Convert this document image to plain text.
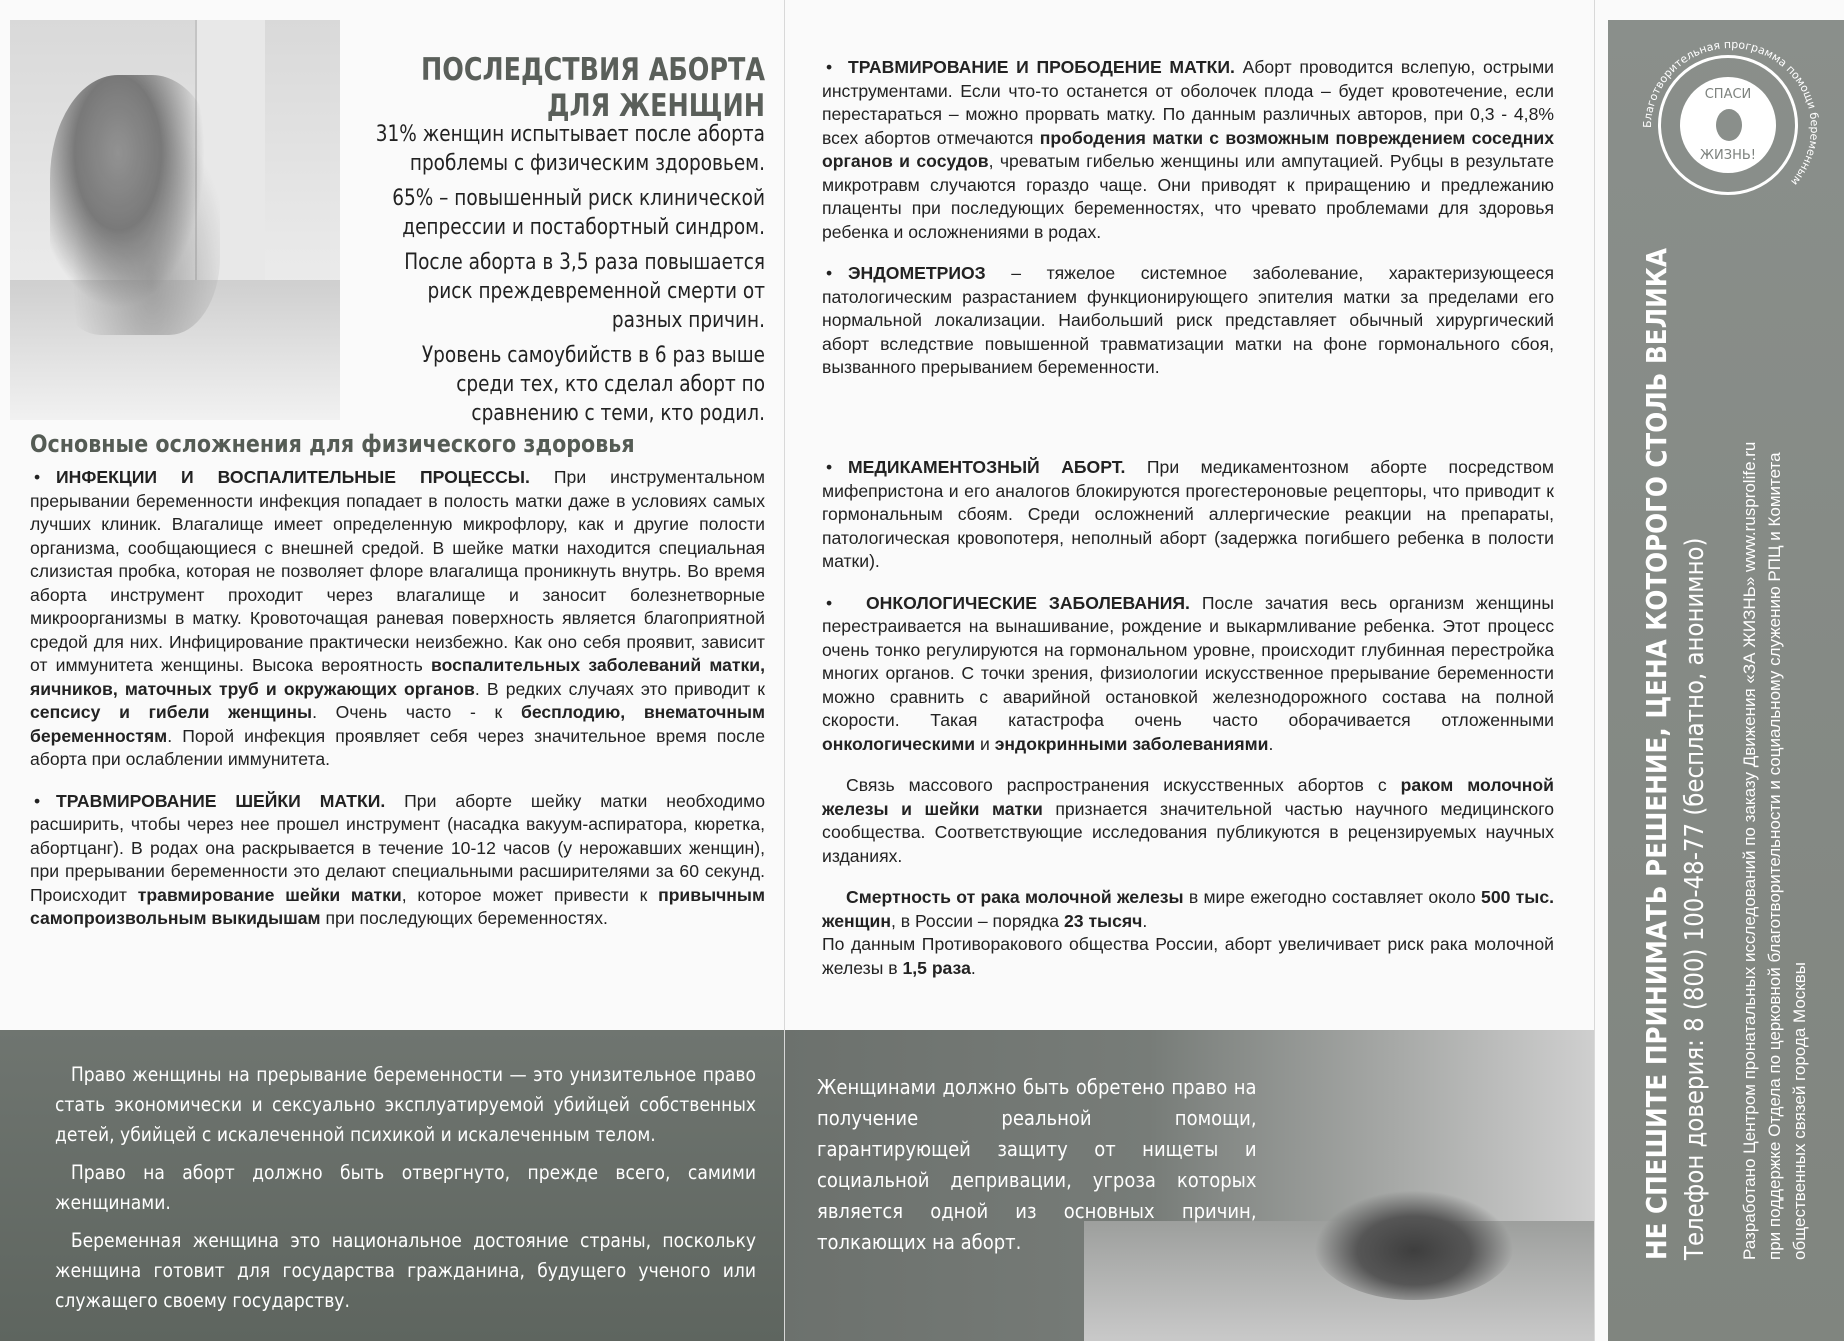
ПОСЛЕДСТВИЯ АБОРТА ДЛЯ ЖЕНЩИН

31% женщин испытывает после аборта проблемы с физическим здоровьем.

65% – повышенный риск клинической депрессии и постабортный синдром.

После аборта в 3,5 раза повышается риск преждевременной смерти от разных причин.

Уровень самоубийств в 6 раз выше среди тех, кто сделал аборт по сравнению с теми, кто родил.

Основные осложнения для физического здоровья
• ИНФЕКЦИИ И ВОСПАЛИТЕЛЬНЫЕ ПРОЦЕССЫ. При инструментальном прерывании беременности инфекция попадает в полость матки даже в условиях самых лучших клиник. Влагалище имеет определенную микрофлору, как и другие полости организма, сообщающиеся с внешней средой. В шейке матки находится специальная слизистая пробка, которая не позволяет флоре влагалища проникнуть внутрь. Во время аборта инструмент проходит через влагалище и заносит болезнетворные микроорганизмы в матку. Кровоточащая раневая поверхность является благоприятной средой для них. Инфицирование практически неизбежно. Как оно себя проявит, зависит от иммунитета женщины. Высока вероятность воспалительных заболеваний матки, яичников, маточных труб и окружающих органов. В редких случаях это приводит к сепсису и гибели женщины. Очень часто - к бесплодию, внематочным беременностям. Порой инфекция проявляет себя через значительное время после аборта при ослаблении иммунитета.
• ТРАВМИРОВАНИЕ ШЕЙКИ МАТКИ. При аборте шейку матки необходимо расширить, чтобы через нее прошел инструмент (насадка вакуум-аспиратора, кюретка, абортцанг). В родах она раскрывается в течение 10-12 часов (у нерожавших женщин), при прерывании беременности это делают специальными расширителями за 60 секунд. Происходит травмирование шейки матки, которое может привести к привычным самопроизвольным выкидышам при последующих беременностях.
• ТРАВМИРОВАНИЕ И ПРОБОДЕНИЕ МАТКИ. Аборт проводится вслепую, острыми инструментами. Если что-то останется от оболочек плода – будет кровотечение, если перестараться – можно прорвать матку. По данным различных авторов, при 0,3 - 4,8% всех абортов отмечаются прободения матки с возможным повреждением соседних органов и сосудов, чреватым гибелью женщины или ампутацией. Рубцы в результате микротравм случаются гораздо чаще. Они приводят к приращению и предлежанию плаценты при последующих беременностях, что чревато проблемами для здоровья ребенка и осложнениями в родах.
• ЭНДОМЕТРИОЗ – тяжелое системное заболевание, характеризующееся патологическим разрастанием функционирующего эпителия матки за пределами его нормальной локализации. Наибольший риск представляет обычный хирургический аборт вследствие повышенной травматизации матки на фоне гормонального сбоя, вызванного прерыванием беременности.
• МЕДИКАМЕНТОЗНЫЙ АБОРТ. При медикаментозном аборте посредством мифепристона и его аналогов блокируются прогестероновые рецепторы, что приводит к гормональным сбоям. Среди осложнений аллергические реакции на препараты, патологическая кровопотеря, неполный аборт (задержка погибшего ребенка в полости матки).
• ОНКОЛОГИЧЕСКИЕ ЗАБОЛЕВАНИЯ. После зачатия весь организм женщины перестраивается на вынашивание, рождение и выкармливание ребенка. Этот процесс очень тонко регулируются на гормональном уровне, происходит глубинная перестройка многих органов. С точки зрения, физиологии искусственное прерывание беременности можно сравнить с аварийной остановкой железнодорожного состава на полной скорости. Такая катастрофа очень часто оборачивается отложенными онкологическими и эндокринными заболеваниями.
Связь массового распространения искусственных абортов с раком молочной железы и шейки матки признается значительной частью научного медицинского сообщества. Соответствующие исследования публикуются в рецензируемых научных изданиях.
Смертность от рака молочной железы в мире ежегодно составляет около 500 тыс. женщин, в России – порядка 23 тысяч.
По данным Противоракового общества России, аборт увеличивает риск рака молочной железы в 1,5 раза.

Право женщины на прерывание беременности — это унизительное право стать экономически и сексуально эксплуатируемой убийцей собственных детей, убийцей с искалеченной психикой и искалеченным телом.

Право на аборт должно быть отвергнуто, прежде всего, самими женщинами.

Беременная женщина это национальное достояние страны, поскольку женщина готовит для государства гражданина, будущего ученого или служащего своему государству.

Женщинами должно быть обретено право на получение реальной помощи, гарантирующей защиту от нищеты и социальной депривации, угроза которых является одной из основных причин, толкающих на аборт.

Благотворительная программа помощи беременным
СПАСИ
ЖИЗНЬ!
НЕ СПЕШИТЕ ПРИНИМАТЬ РЕШЕНИЕ, ЦЕНА КОТОРОГО СТОЛЬ ВЕЛИКА Телефон доверия: 8 (800) 100-48-77 (бесплатно, анонимно) Разработано Центром пронатальных исследований по заказу Движения «ЗА ЖИЗНЬ» www.rusprolife.ru при поддержке Отдела по церковной благотворительности и социальному служению РПЦ и Комитета общественных связей города Москвы
